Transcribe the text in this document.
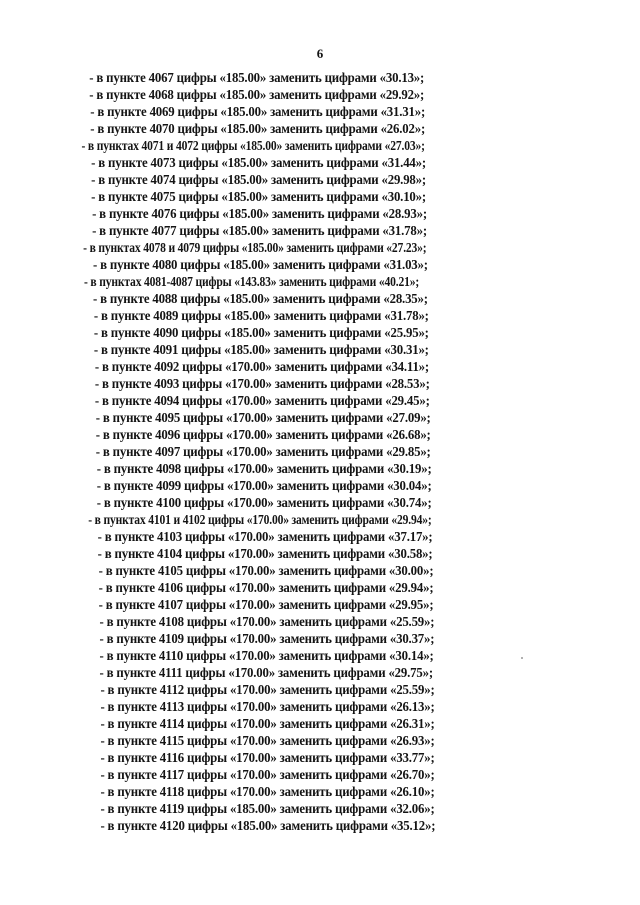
6
- в пункте 4067 цифры «185.00» заменить цифрами «30.13»;
- в пункте 4068 цифры «185.00» заменить цифрами «29.92»;
- в пункте 4069 цифры «185.00» заменить цифрами «31.31»;
- в пункте 4070 цифры «185.00» заменить цифрами «26.02»;
- в пунктах 4071 и 4072 цифры «185.00» заменить цифрами «27.03»;
- в пункте 4073 цифры «185.00» заменить цифрами «31.44»;
- в пункте 4074 цифры «185.00» заменить цифрами «29.98»;
- в пункте 4075 цифры «185.00» заменить цифрами «30.10»;
- в пункте 4076 цифры «185.00» заменить цифрами «28.93»;
- в пункте 4077 цифры «185.00» заменить цифрами «31.78»;
- в пунктах 4078 и 4079 цифры «185.00» заменить цифрами «27.23»;
- в пункте 4080 цифры «185.00» заменить цифрами «31.03»;
- в пунктах 4081-4087 цифры «143.83» заменить цифрами «40.21»;
- в пункте 4088 цифры «185.00» заменить цифрами «28.35»;
- в пункте 4089 цифры «185.00» заменить цифрами «31.78»;
- в пункте 4090 цифры «185.00» заменить цифрами «25.95»;
- в пункте 4091 цифры «185.00» заменить цифрами «30.31»;
- в пункте 4092 цифры «170.00» заменить цифрами «34.11»;
- в пункте 4093 цифры «170.00» заменить цифрами «28.53»;
- в пункте 4094 цифры «170.00» заменить цифрами «29.45»;
- в пункте 4095 цифры «170.00» заменить цифрами «27.09»;
- в пункте 4096 цифры «170.00» заменить цифрами «26.68»;
- в пункте 4097 цифры «170.00» заменить цифрами «29.85»;
- в пункте 4098 цифры «170.00» заменить цифрами «30.19»;
- в пункте 4099 цифры «170.00» заменить цифрами «30.04»;
- в пункте 4100 цифры «170.00» заменить цифрами «30.74»;
- в пунктах 4101 и 4102 цифры «170.00» заменить цифрами «29.94»;
- в пункте 4103 цифры «170.00» заменить цифрами «37.17»;
- в пункте 4104 цифры «170.00» заменить цифрами «30.58»;
- в пункте 4105 цифры «170.00» заменить цифрами «30.00»;
- в пункте 4106 цифры «170.00» заменить цифрами «29.94»;
- в пункте 4107 цифры «170.00» заменить цифрами «29.95»;
- в пункте 4108 цифры «170.00» заменить цифрами «25.59»;
- в пункте 4109 цифры «170.00» заменить цифрами «30.37»;
- в пункте 4110 цифры «170.00» заменить цифрами «30.14»;
- в пункте 4111 цифры «170.00» заменить цифрами «29.75»;
- в пункте 4112 цифры «170.00» заменить цифрами «25.59»;
- в пункте 4113 цифры «170.00» заменить цифрами «26.13»;
- в пункте 4114 цифры «170.00» заменить цифрами «26.31»;
- в пункте 4115 цифры «170.00» заменить цифрами «26.93»;
- в пункте 4116 цифры «170.00» заменить цифрами «33.77»;
- в пункте 4117 цифры «170.00» заменить цифрами «26.70»;
- в пункте 4118 цифры «170.00» заменить цифрами «26.10»;
- в пункте 4119 цифры «185.00» заменить цифрами «32.06»;
- в пункте 4120 цифры «185.00» заменить цифрами «35.12»;
